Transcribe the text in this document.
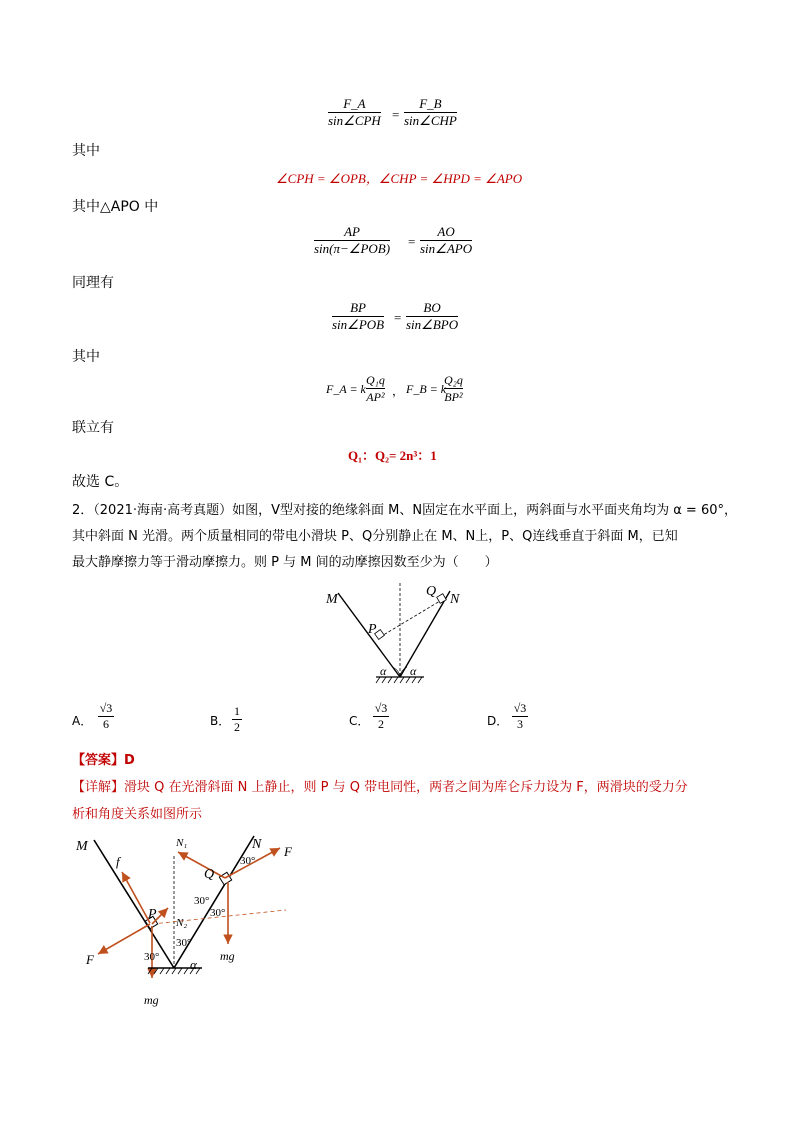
F_A
sin∠CPH =
F_B
sin∠CHP
其中
∠CPH = ∠OPB，∠CHP = ∠HPD = ∠APO
其中△APO 中
AP
sin(π−∠POB) =
AO
sin∠APO
同理有
BP
sin∠POB =
BO
sin∠BPO
其中
F_A = k
Q₁q
AP² ， F_B = k
Q₂q
BP²
联立有
Q₁：Q₂= 2n³：1
故选 C。
2．（2021·海南·高考真题）如图，V型对接的绝缘斜面 M、N固定在水平面上，两斜面与水平面夹角均为 α = 60°，
其中斜面 N 光滑。两个质量相同的带电小滑块 P、Q分别静止在 M、N上，P、Q连线垂直于斜面 M，已知
最大静摩擦力等于滑动摩擦力。则 P 与 M 间的动摩擦因数至少为（　　）
M	N
Q
P
α α
A．
√3
6	B．
1
2	C．
√3
2	D．
√3
3
【答案】D
【详解】滑块 Q 在光滑斜面 N 上静止，则 P 与 Q 带电同性，两者之间为库仑斥力设为 F，两滑块的受力分
析和角度关系如图所示
M	N
P
Q
f
F
F
N₁
N₂
mg
mg
α
30°
30°
30°
30°
30°
